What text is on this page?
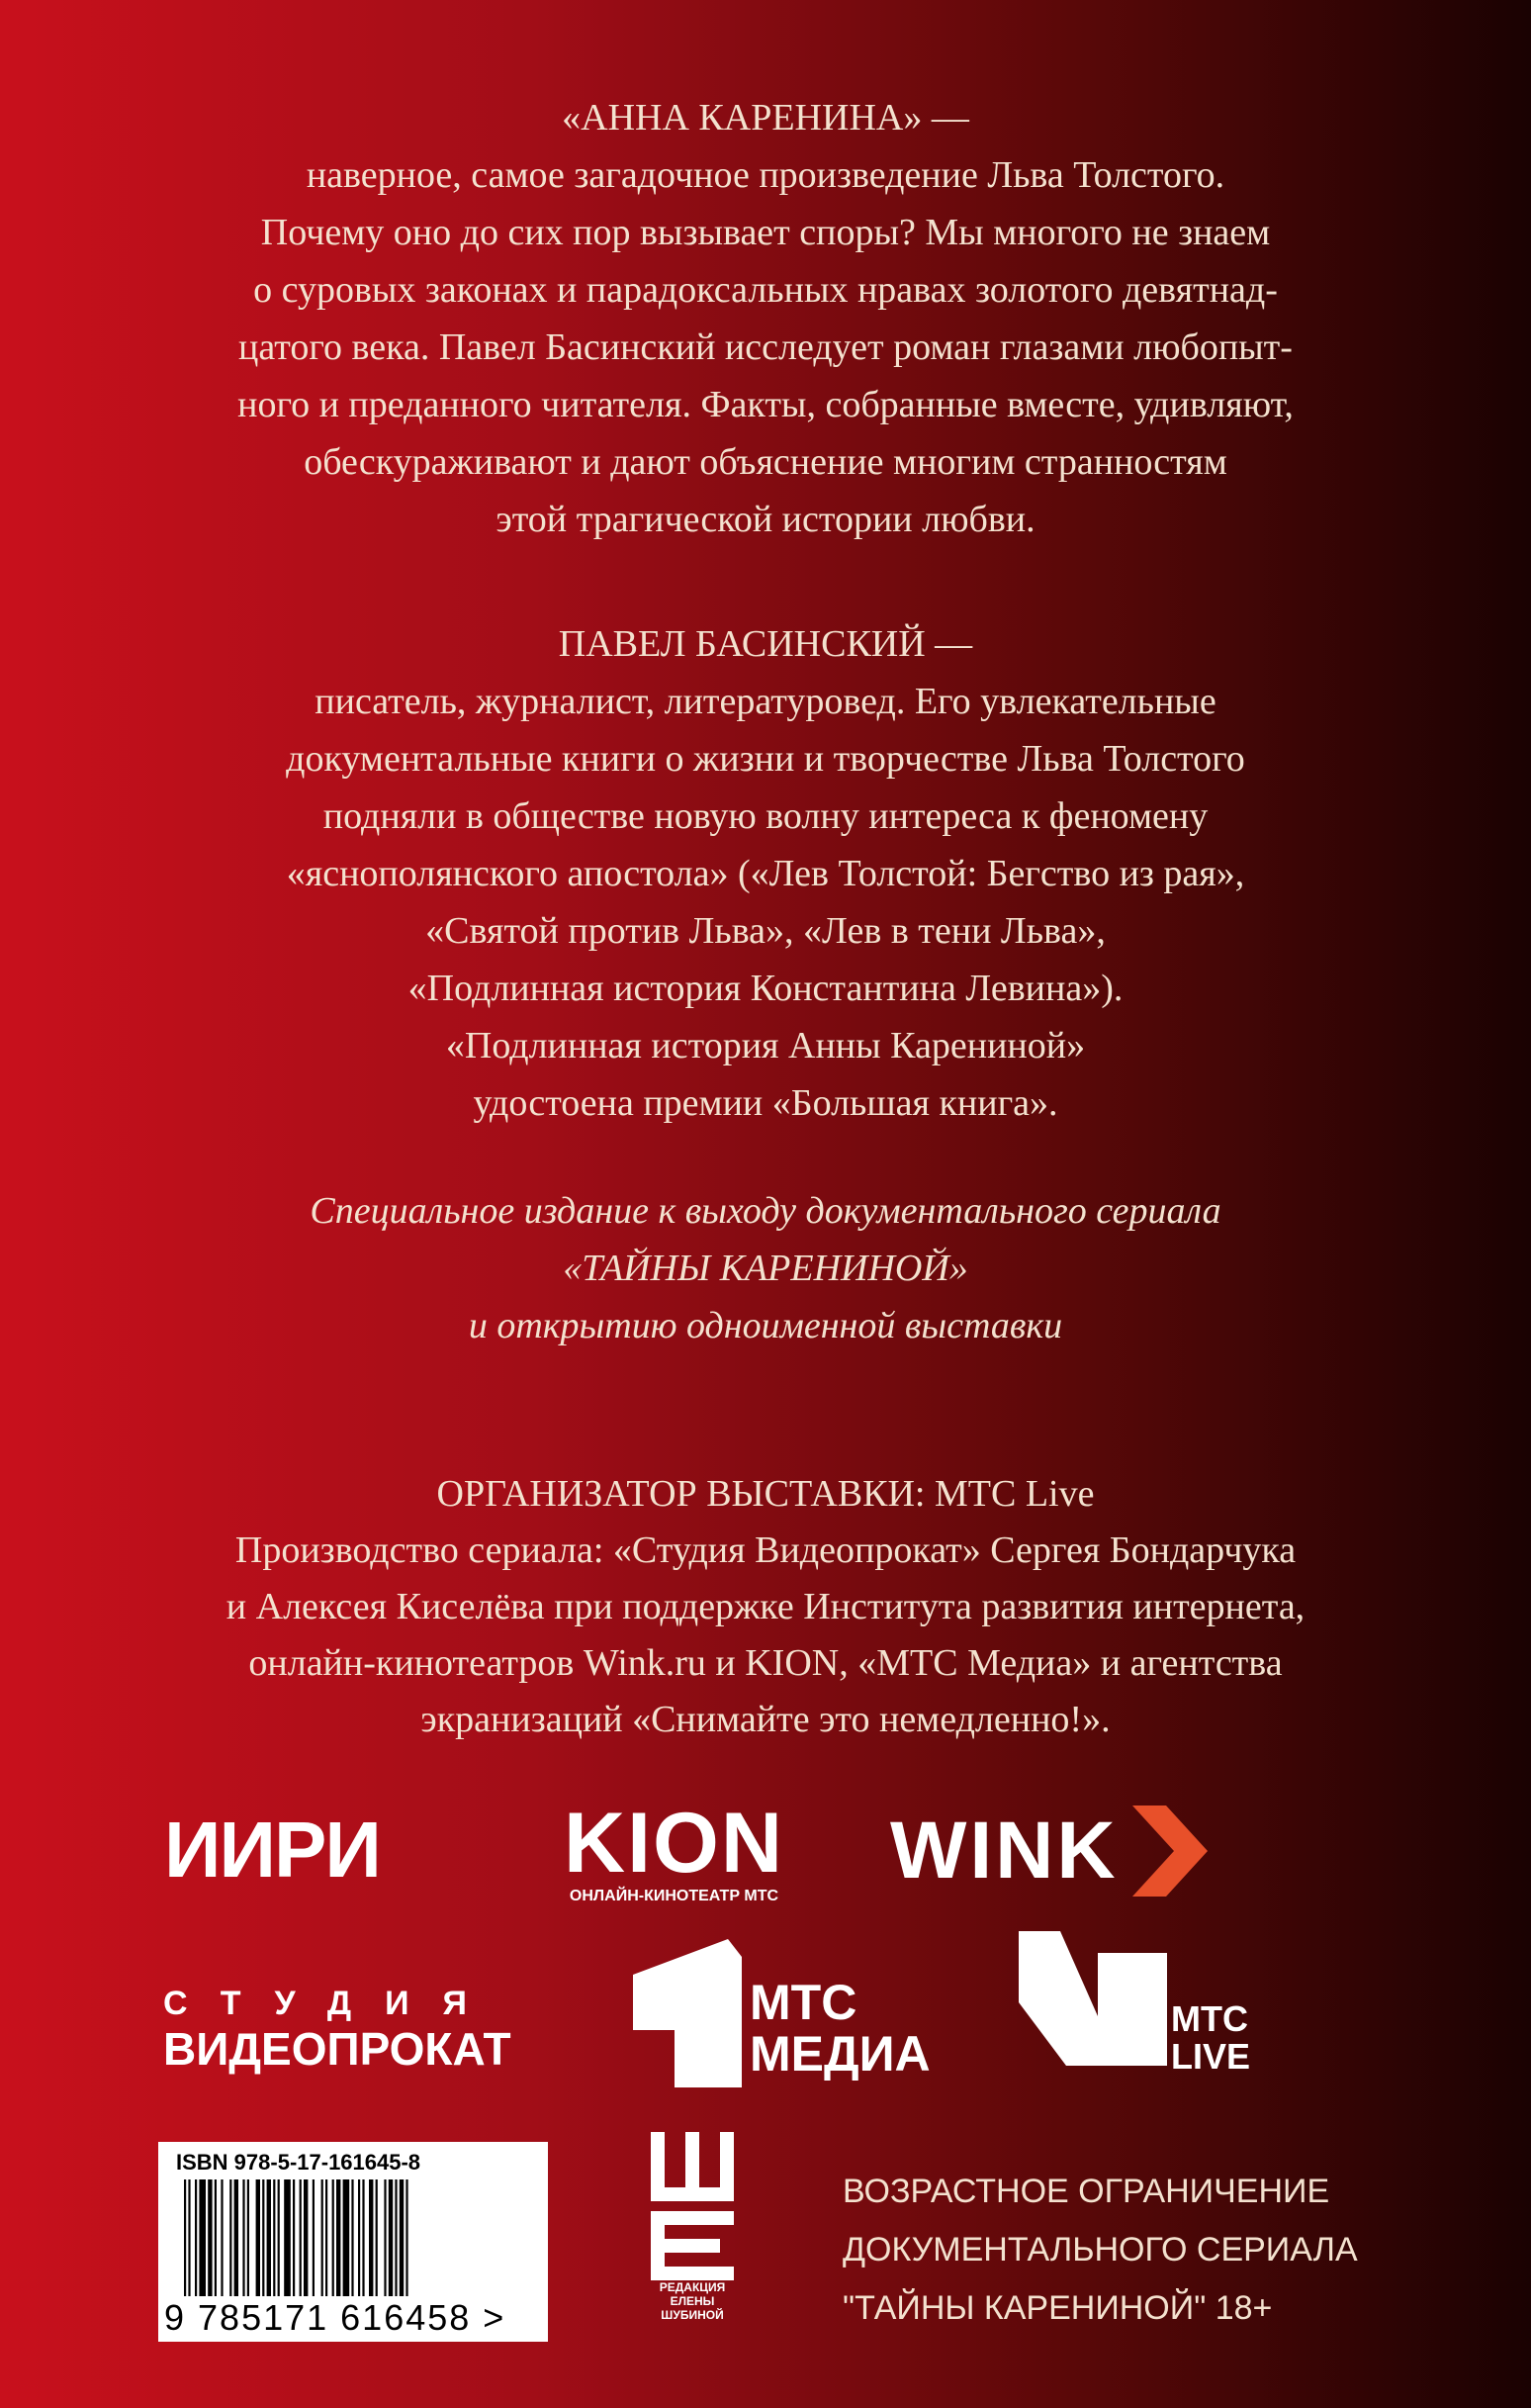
«АННА КАРЕНИНА» —
наверное, самое загадочное произведение Льва Толстого.
Почему оно до сих пор вызывает споры? Мы многого не знаем
о суровых законах и парадоксальных нравах золотого девятнад-
цатого века. Павел Басинский исследует роман глазами любопыт-
ного и преданного читателя. Факты, собранные вместе, удивляют,
обескураживают и дают объяснение многим странностям
этой трагической истории любви.
ПАВЕЛ БАСИНСКИЙ —
писатель, журналист, литературовед. Его увлекательные
документальные книги о жизни и творчестве Льва Толстого
подняли в обществе новую волну интереса к феномену
«яснополянского апостола» («Лев Толстой: Бегство из рая»,
«Святой против Льва», «Лев в тени Льва»,
«Подлинная история Константина Левина»).
«Подлинная история Анны Карениной»
удостоена премии «Большая книга».
Специальное издание к выходу документального сериала
«ТАЙНЫ КАРЕНИНОЙ»
и открытию одноименной выставки
ОРГАНИЗАТОР ВЫСТАВКИ: МТС Live
Производство сериала: «Студия Видеопрокат» Сергея Бондарчука
и Алексея Киселёва при поддержке Института развития интернета,
онлайн-кинотеатров Wink.ru и KION, «МТС Медиа» и агентства
экранизаций «Снимайте это немедленно!».
ИИРИ KION
ОНЛАЙН-КИНОТЕАТР МТС
WINK
СТУДИЯ
ВИДЕОПРОКАТ
МТС
МЕДИА
МТС
LIVE
ISBN 978-5-17-161645-8
9 785171 616458 >
РЕДАКЦИЯ
ЕЛЕНЫ
ШУБИНОЙ
ВОЗРАСТНОЕ ОГРАНИЧЕНИЕ
ДОКУМЕНТАЛЬНОГО СЕРИАЛА
"ТАЙНЫ КАРЕНИНОЙ" 18+
